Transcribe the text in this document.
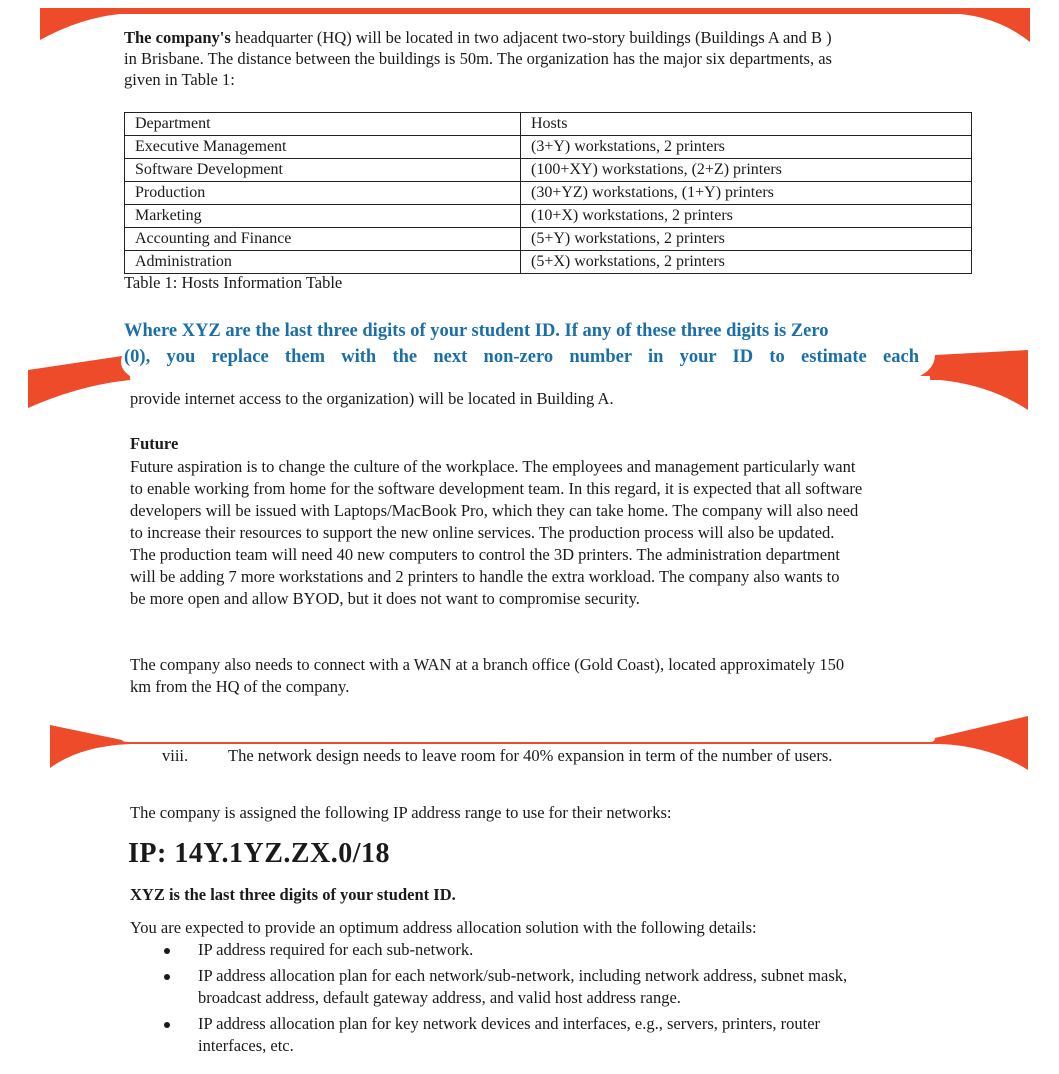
The company's headquarter (HQ) will be located in two adjacent two-story buildings (Buildings A and B )
in Brisbane. The distance between the buildings is 50m. The organization has the major six departments, as
given in Table 1:
Department	Hosts
Executive Management	(3+Y) workstations, 2 printers
Software Development	(100+XY) workstations, (2+Z) printers
Production	(30+YZ) workstations, (1+Y) printers
Marketing	(10+X) workstations, 2 printers
Accounting and Finance	(5+Y) workstations, 2 printers
Administration	(5+X) workstations, 2 printers
Table 1: Hosts Information Table
Where XYZ are the last three digits of your student ID. If any of these three digits is Zero
(0), you replace them with the next non-zero number in your ID to estimate each
provide internet access to the organization) will be located in Building A.
Future
Future aspiration is to change the culture of the workplace. The employees and management particularly want
to enable working from home for the software development team. In this regard, it is expected that all software
developers will be issued with Laptops/MacBook Pro, which they can take home. The company will also need
to increase their resources to support the new online services. The production process will also be updated.
The production team will need 40 new computers to control the 3D printers. The administration department
will be adding 7 more workstations and 2 printers to handle the extra workload. The company also wants to
be more open and allow BYOD, but it does not want to compromise security.
The company also needs to connect with a WAN at a branch office (Gold Coast), located approximately 150
km from the HQ of the company.
viii. The network design needs to leave room for 40% expansion in term of the number of users.
The company is assigned the following IP address range to use for their networks:
IP: 14Y.1YZ.ZX.0/18
XYZ is the last three digits of your student ID.
You are expected to provide an optimum address allocation solution with the following details:
IP address required for each sub-network.
IP address allocation plan for each network/sub-network, including network address, subnet mask,
broadcast address, default gateway address, and valid host address range.
IP address allocation plan for key network devices and interfaces, e.g., servers, printers, router
interfaces, etc.
